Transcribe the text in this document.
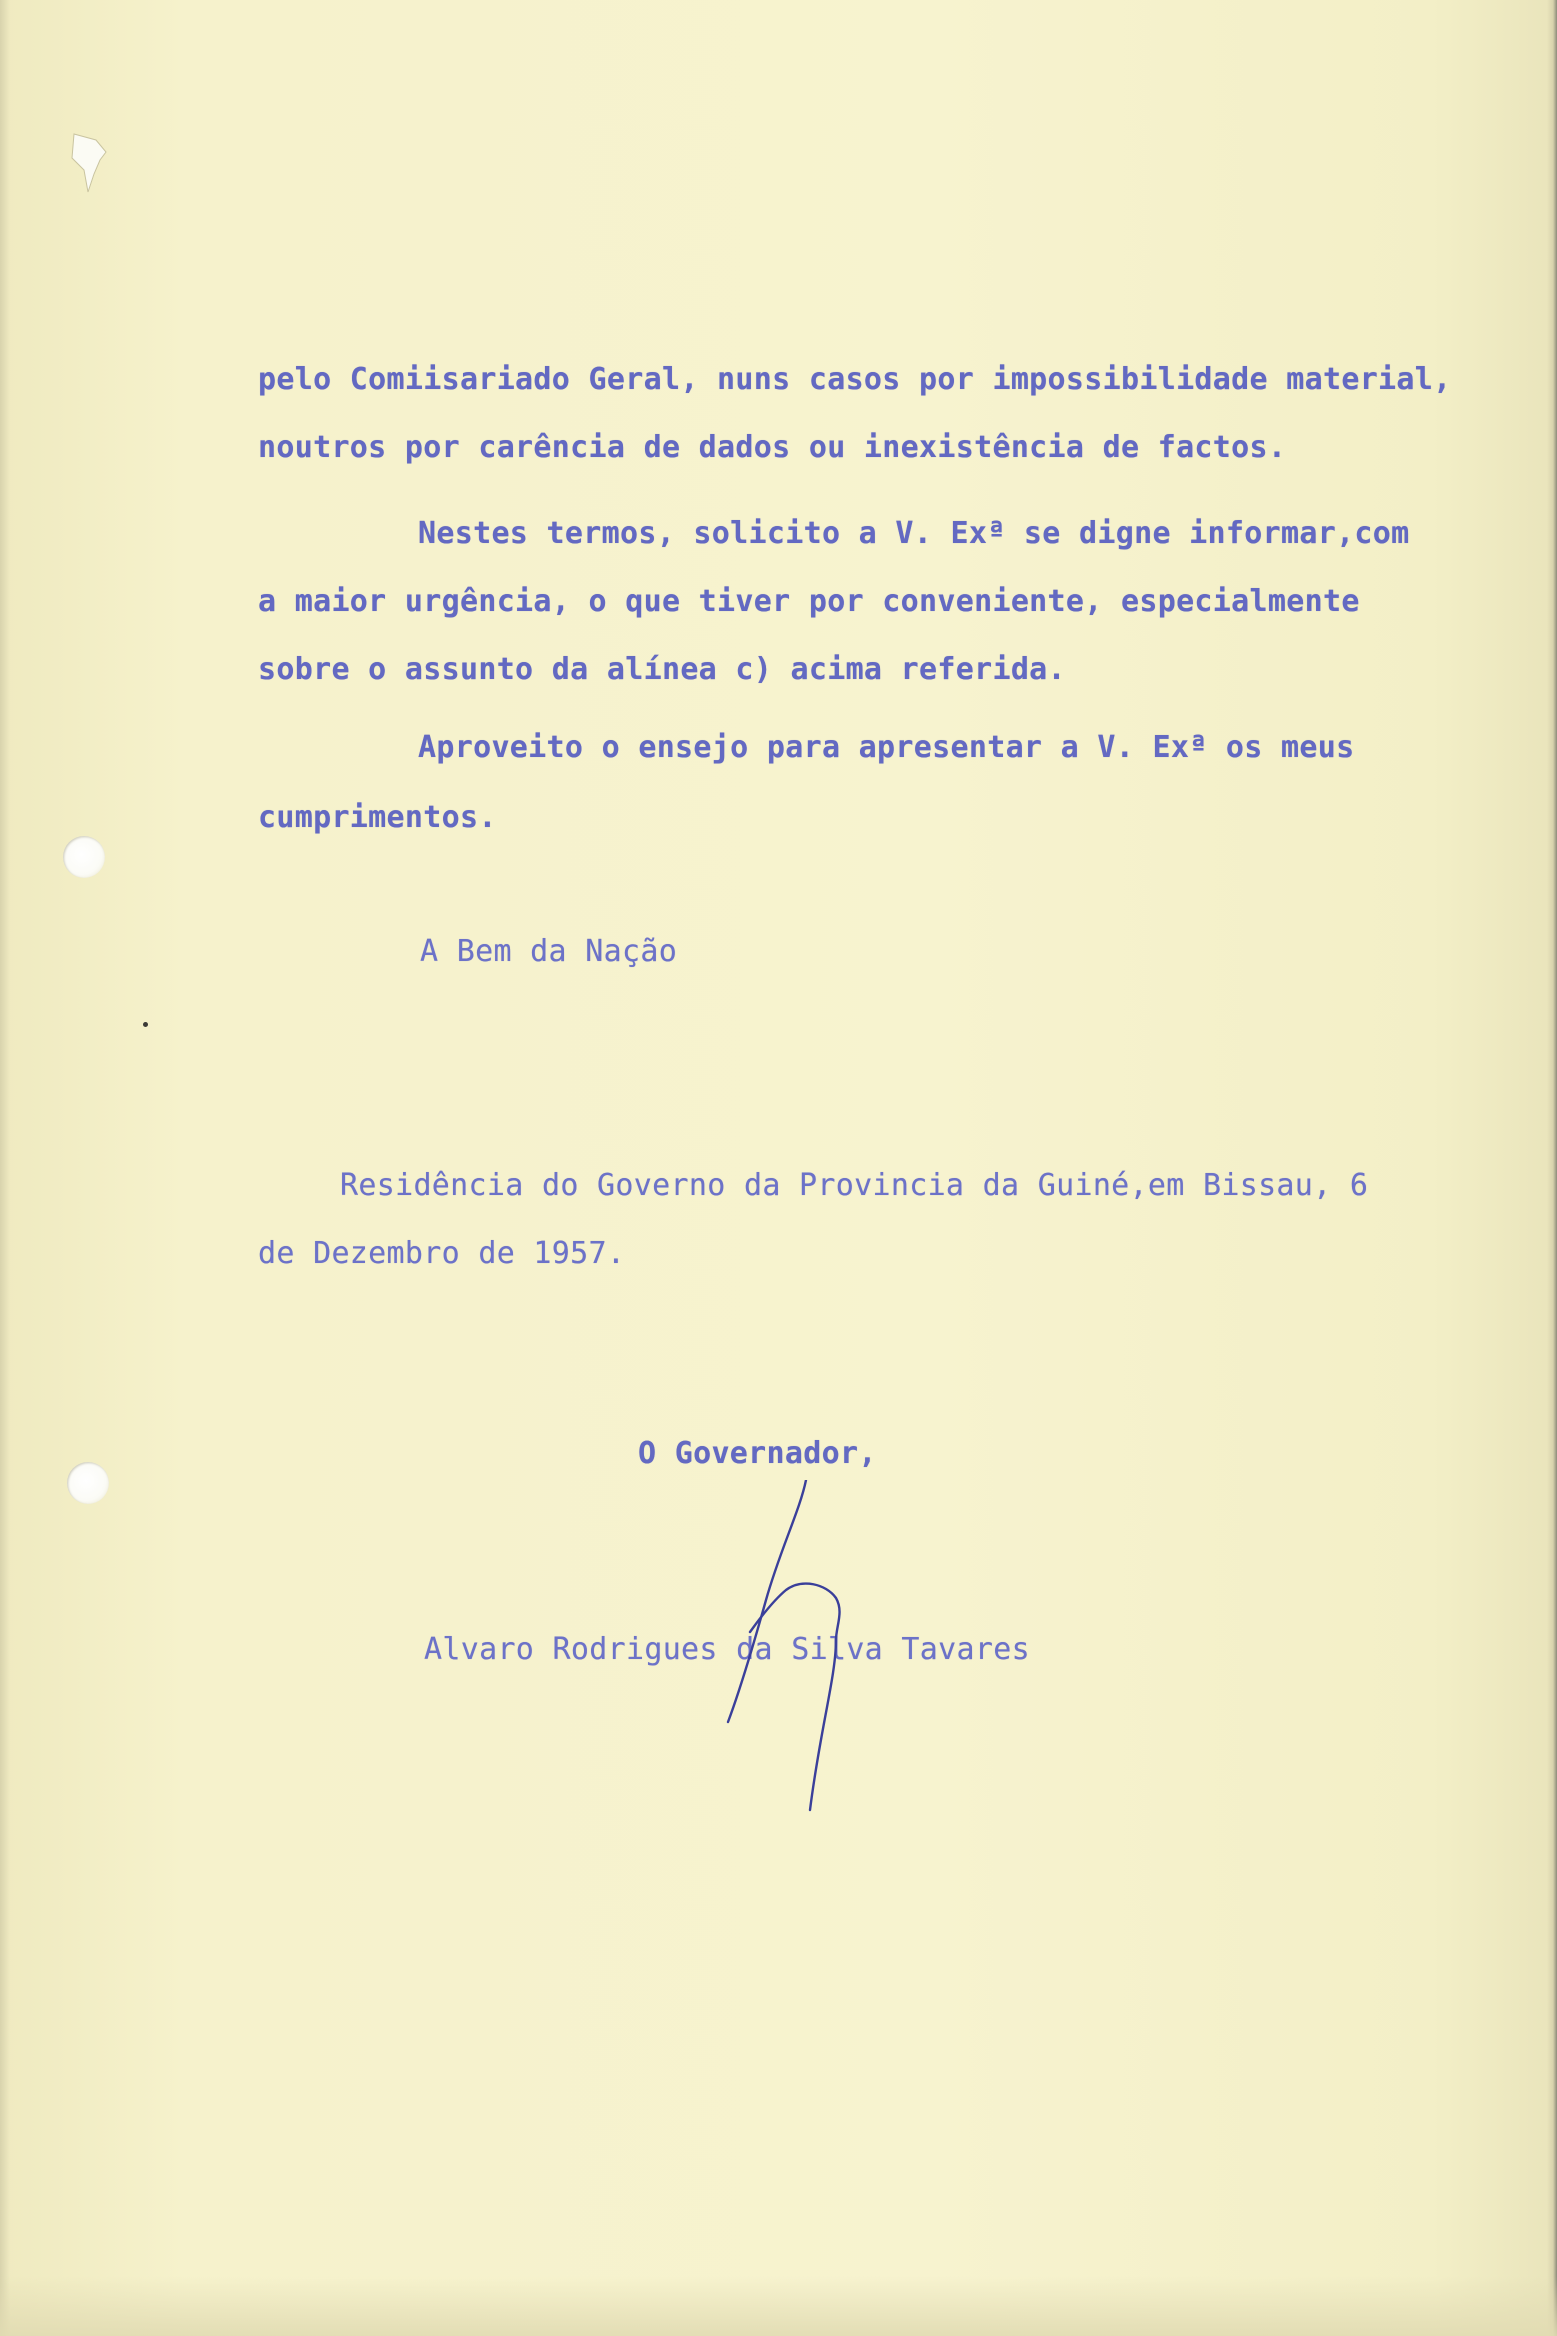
pelo Comiisariado Geral, nuns casos por impossibilidade material,

noutros por carência de dados ou inexistência de factos.

Nestes termos, solicito a V. Exª se digne informar,com

a maior urgência, o que tiver por conveniente, especialmente

sobre o assunto da alínea c) acima referida.

Aproveito o ensejo para apresentar a V. Exª os meus

cumprimentos.

A Bem da Nação

Residência do Governo da Provincia da Guiné,em Bissau, 6

de Dezembro de 1957.

O Governador,

Alvaro Rodrigues da Silva Tavares
